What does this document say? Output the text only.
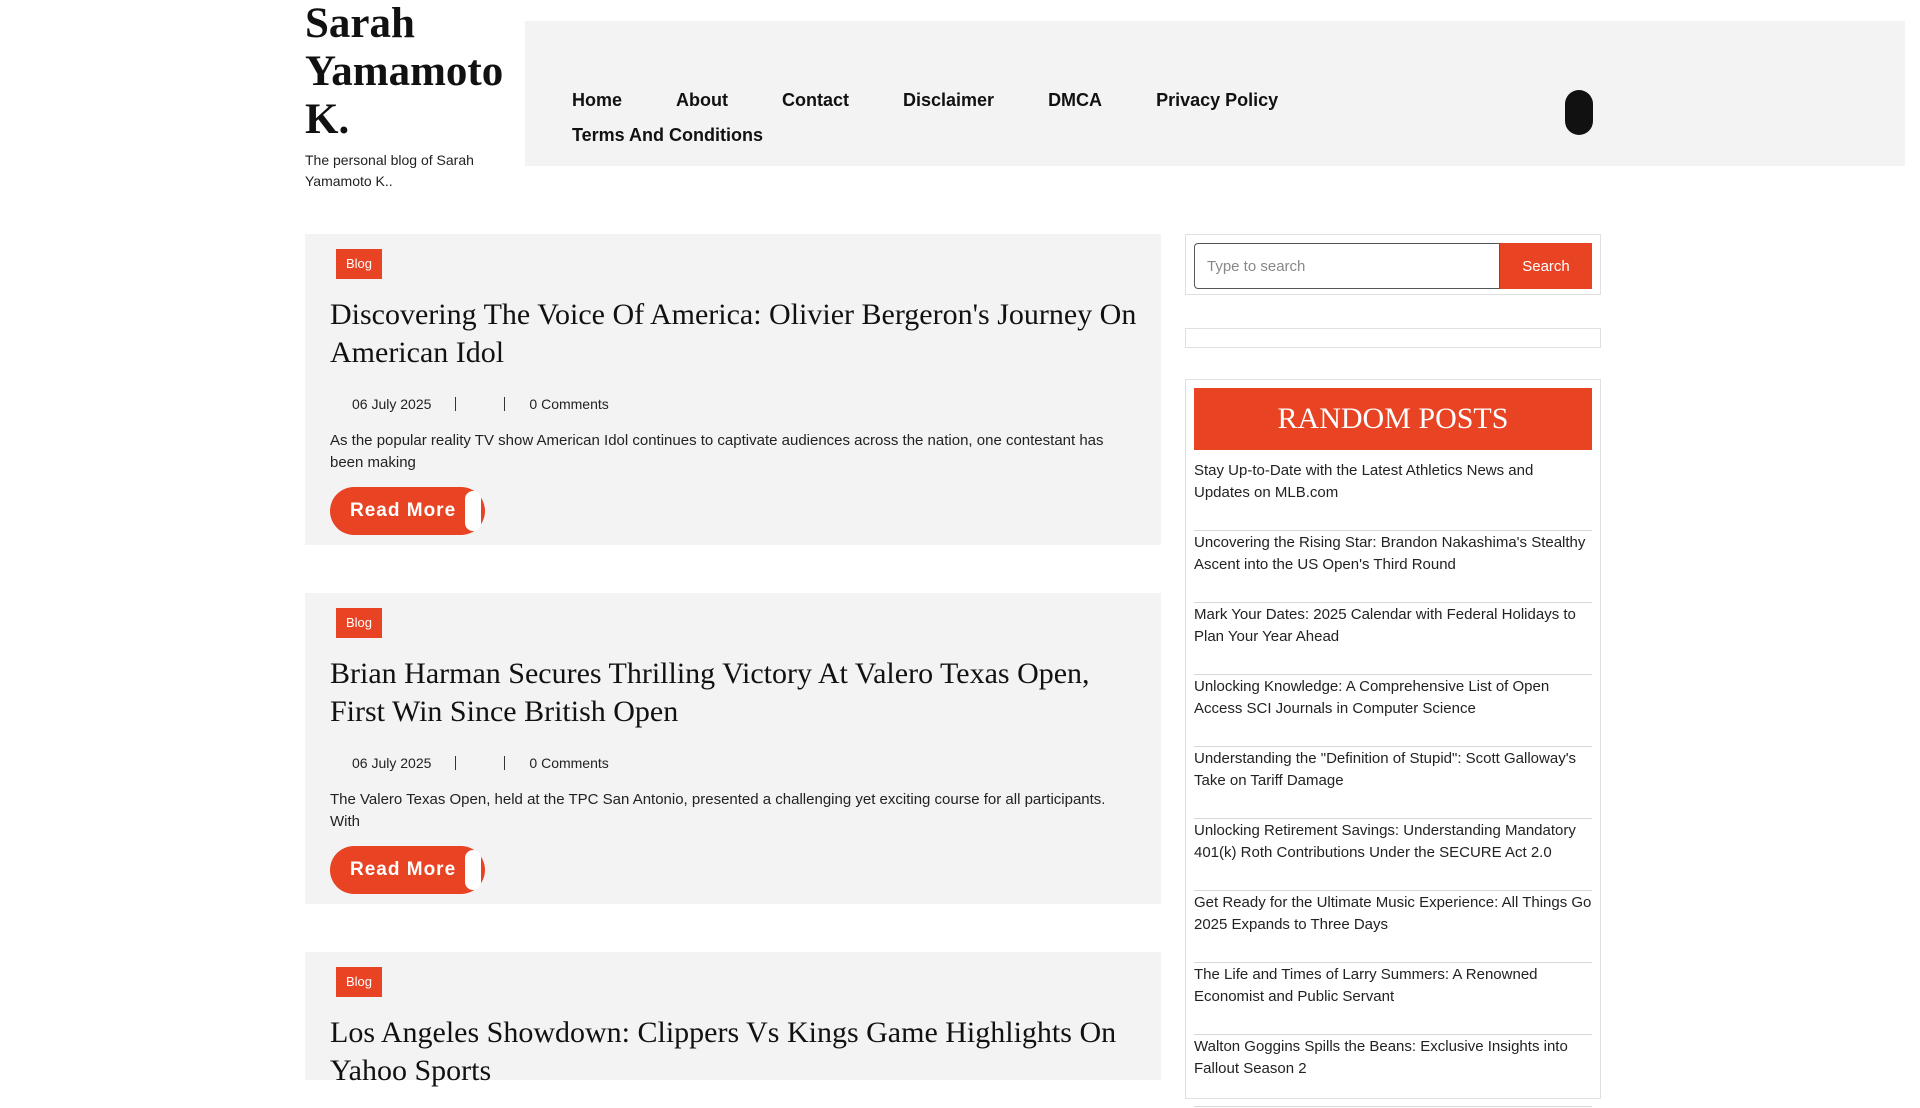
Sarah Yamamoto K.
The personal blog of Sarah Yamamoto K..
Home	About	Contact	Disclaimer	DMCA	Privacy Policy
Terms And Conditions
Blog
Discovering The Voice Of America: Olivier Bergeron's Journey On American Idol
06 July 2025	0 Comments

As the popular reality TV show American Idol continues to captivate audiences across the nation, one contestant has been making

Read More
Blog
Brian Harman Secures Thrilling Victory At Valero Texas Open, First Win Since British Open
06 July 2025	0 Comments

The Valero Texas Open, held at the TPC San Antonio, presented a challenging yet exciting course for all participants. With

Read More
Blog
Los Angeles Showdown: Clippers Vs Kings Game Highlights On Yahoo Sports
Type to search
Search
RANDOM POSTS
Stay Up-to-Date with the Latest Athletics News and Updates on MLB.com
Uncovering the Rising Star: Brandon Nakashima's Stealthy Ascent into the US Open's Third Round
Mark Your Dates: 2025 Calendar with Federal Holidays to Plan Your Year Ahead
Unlocking Knowledge: A Comprehensive List of Open Access SCI Journals in Computer Science
Understanding the "Definition of Stupid": Scott Galloway's Take on Tariff Damage
Unlocking Retirement Savings: Understanding Mandatory 401(k) Roth Contributions Under the SECURE Act 2.0
Get Ready for the Ultimate Music Experience: All Things Go 2025 Expands to Three Days
The Life and Times of Larry Summers: A Renowned Economist and Public Servant
Walton Goggins Spills the Beans: Exclusive Insights into Fallout Season 2
